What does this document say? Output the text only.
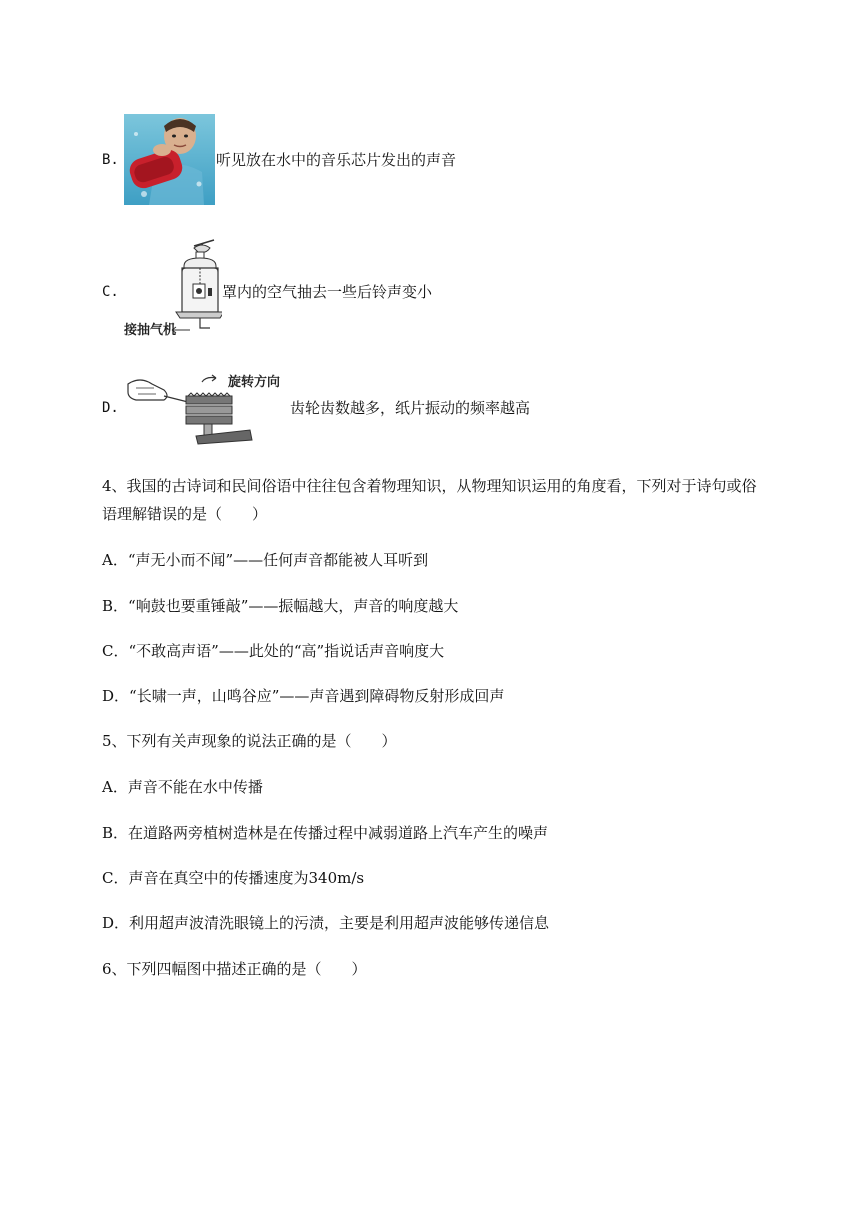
B.	听见放在水中的音乐芯片发出的声音
C.
接抽气机
罩内的空气抽去一些后铃声变小
D.
旋转方向
齿轮齿数越多，纸片振动的频率越高
4、我国的古诗词和民间俗语中往往包含着物理知识，从物理知识运用的角度看，下列对于诗句或俗
语理解错误的是（　　）
A．“声无小而不闻”——任何声音都能被人耳听到
B．“响鼓也要重锤敲”——振幅越大，声音的响度越大
C．“不敢高声语”——此处的“高”指说话声音响度大
D．“长啸一声，山鸣谷应”——声音遇到障碍物反射形成回声
5、下列有关声现象的说法正确的是（　　）
A．声音不能在水中传播
B．在道路两旁植树造林是在传播过程中减弱道路上汽车产生的噪声
C．声音在真空中的传播速度为340m/s
D．利用超声波清洗眼镜上的污渍，主要是利用超声波能够传递信息
6、下列四幅图中描述正确的是（　　）
